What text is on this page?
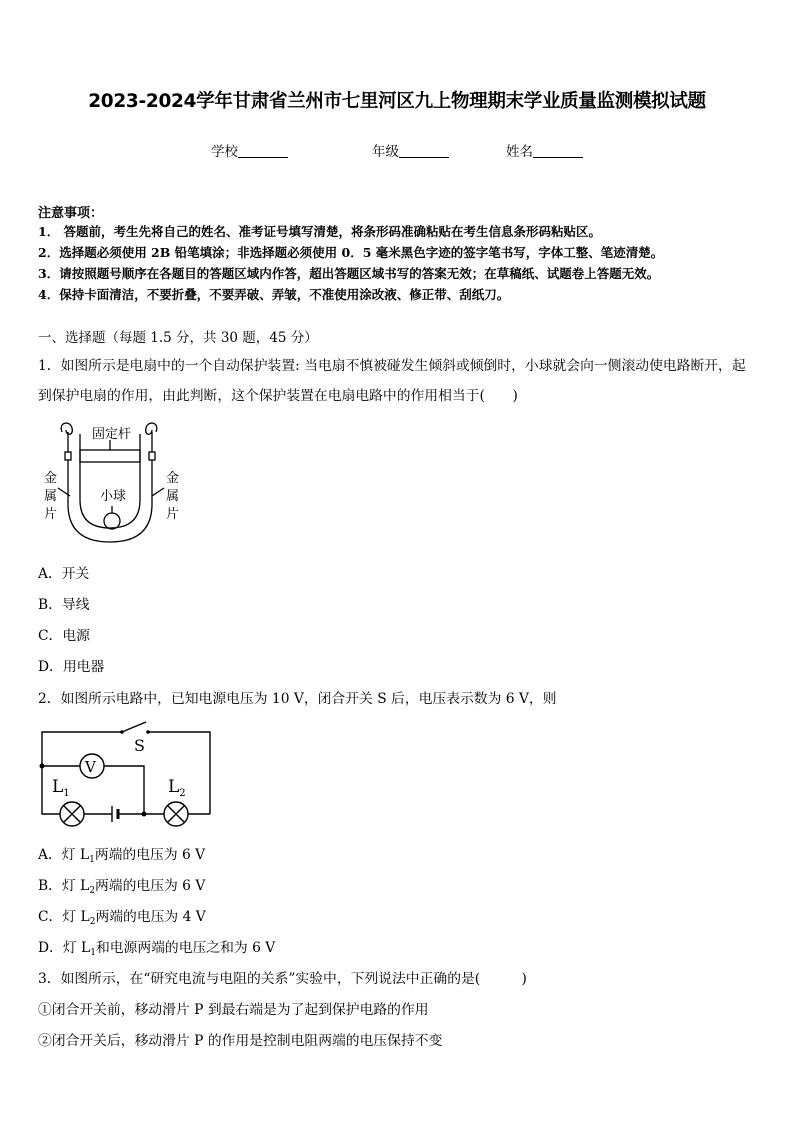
2023-2024学年甘肃省兰州市七里河区九上物理期末学业质量监测模拟试题
学校	年级	姓名
注意事项：
1． 答题前，考生先将自己的姓名、准考证号填写清楚，将条形码准确粘贴在考生信息条形码粘贴区。
2．选择题必须使用 2B 铅笔填涂；非选择题必须使用 0．5 毫米黑色字迹的签字笔书写，字体工整、笔迹清楚。
3．请按照题号顺序在各题目的答题区域内作答，超出答题区域书写的答案无效；在草稿纸、试题卷上答题无效。
4．保持卡面清洁，不要折叠，不要弄破、弄皱，不准使用涂改液、修正带、刮纸刀。
一、选择题（每题 1.5 分，共 30 题，45 分）
1．如图所示是电扇中的一个自动保护装置: 当电扇不慎被碰发生倾斜或倾倒时，小球就会向一侧滚动使电路断开，起
到保护电扇的作用，由此判断，这个保护装置在电扇电路中的作用相当于(　　)
固定杆
小球
金
属
片
金
属
片
A．开关
B．导线
C．电源
D．用电器
2．如图所示电路中，已知电源电压为 10 V，闭合开关 S 后，电压表示数为 6 V，则
S
V
$L_1$	$L_2$
A．灯 $L_1$两端的电压为 6 V
B．灯 $L_2$两端的电压为 6 V
C．灯 $L_2$两端的电压为 4 V
D．灯 $L_1$和电源两端的电压之和为 6 V
3．如图所示，在“研究电流与电阻的关系”实验中，下列说法中正确的是(　　　)
①闭合开关前，移动滑片 P 到最右端是为了起到保护电路的作用
②闭合开关后，移动滑片 P 的作用是控制电阻两端的电压保持不变
